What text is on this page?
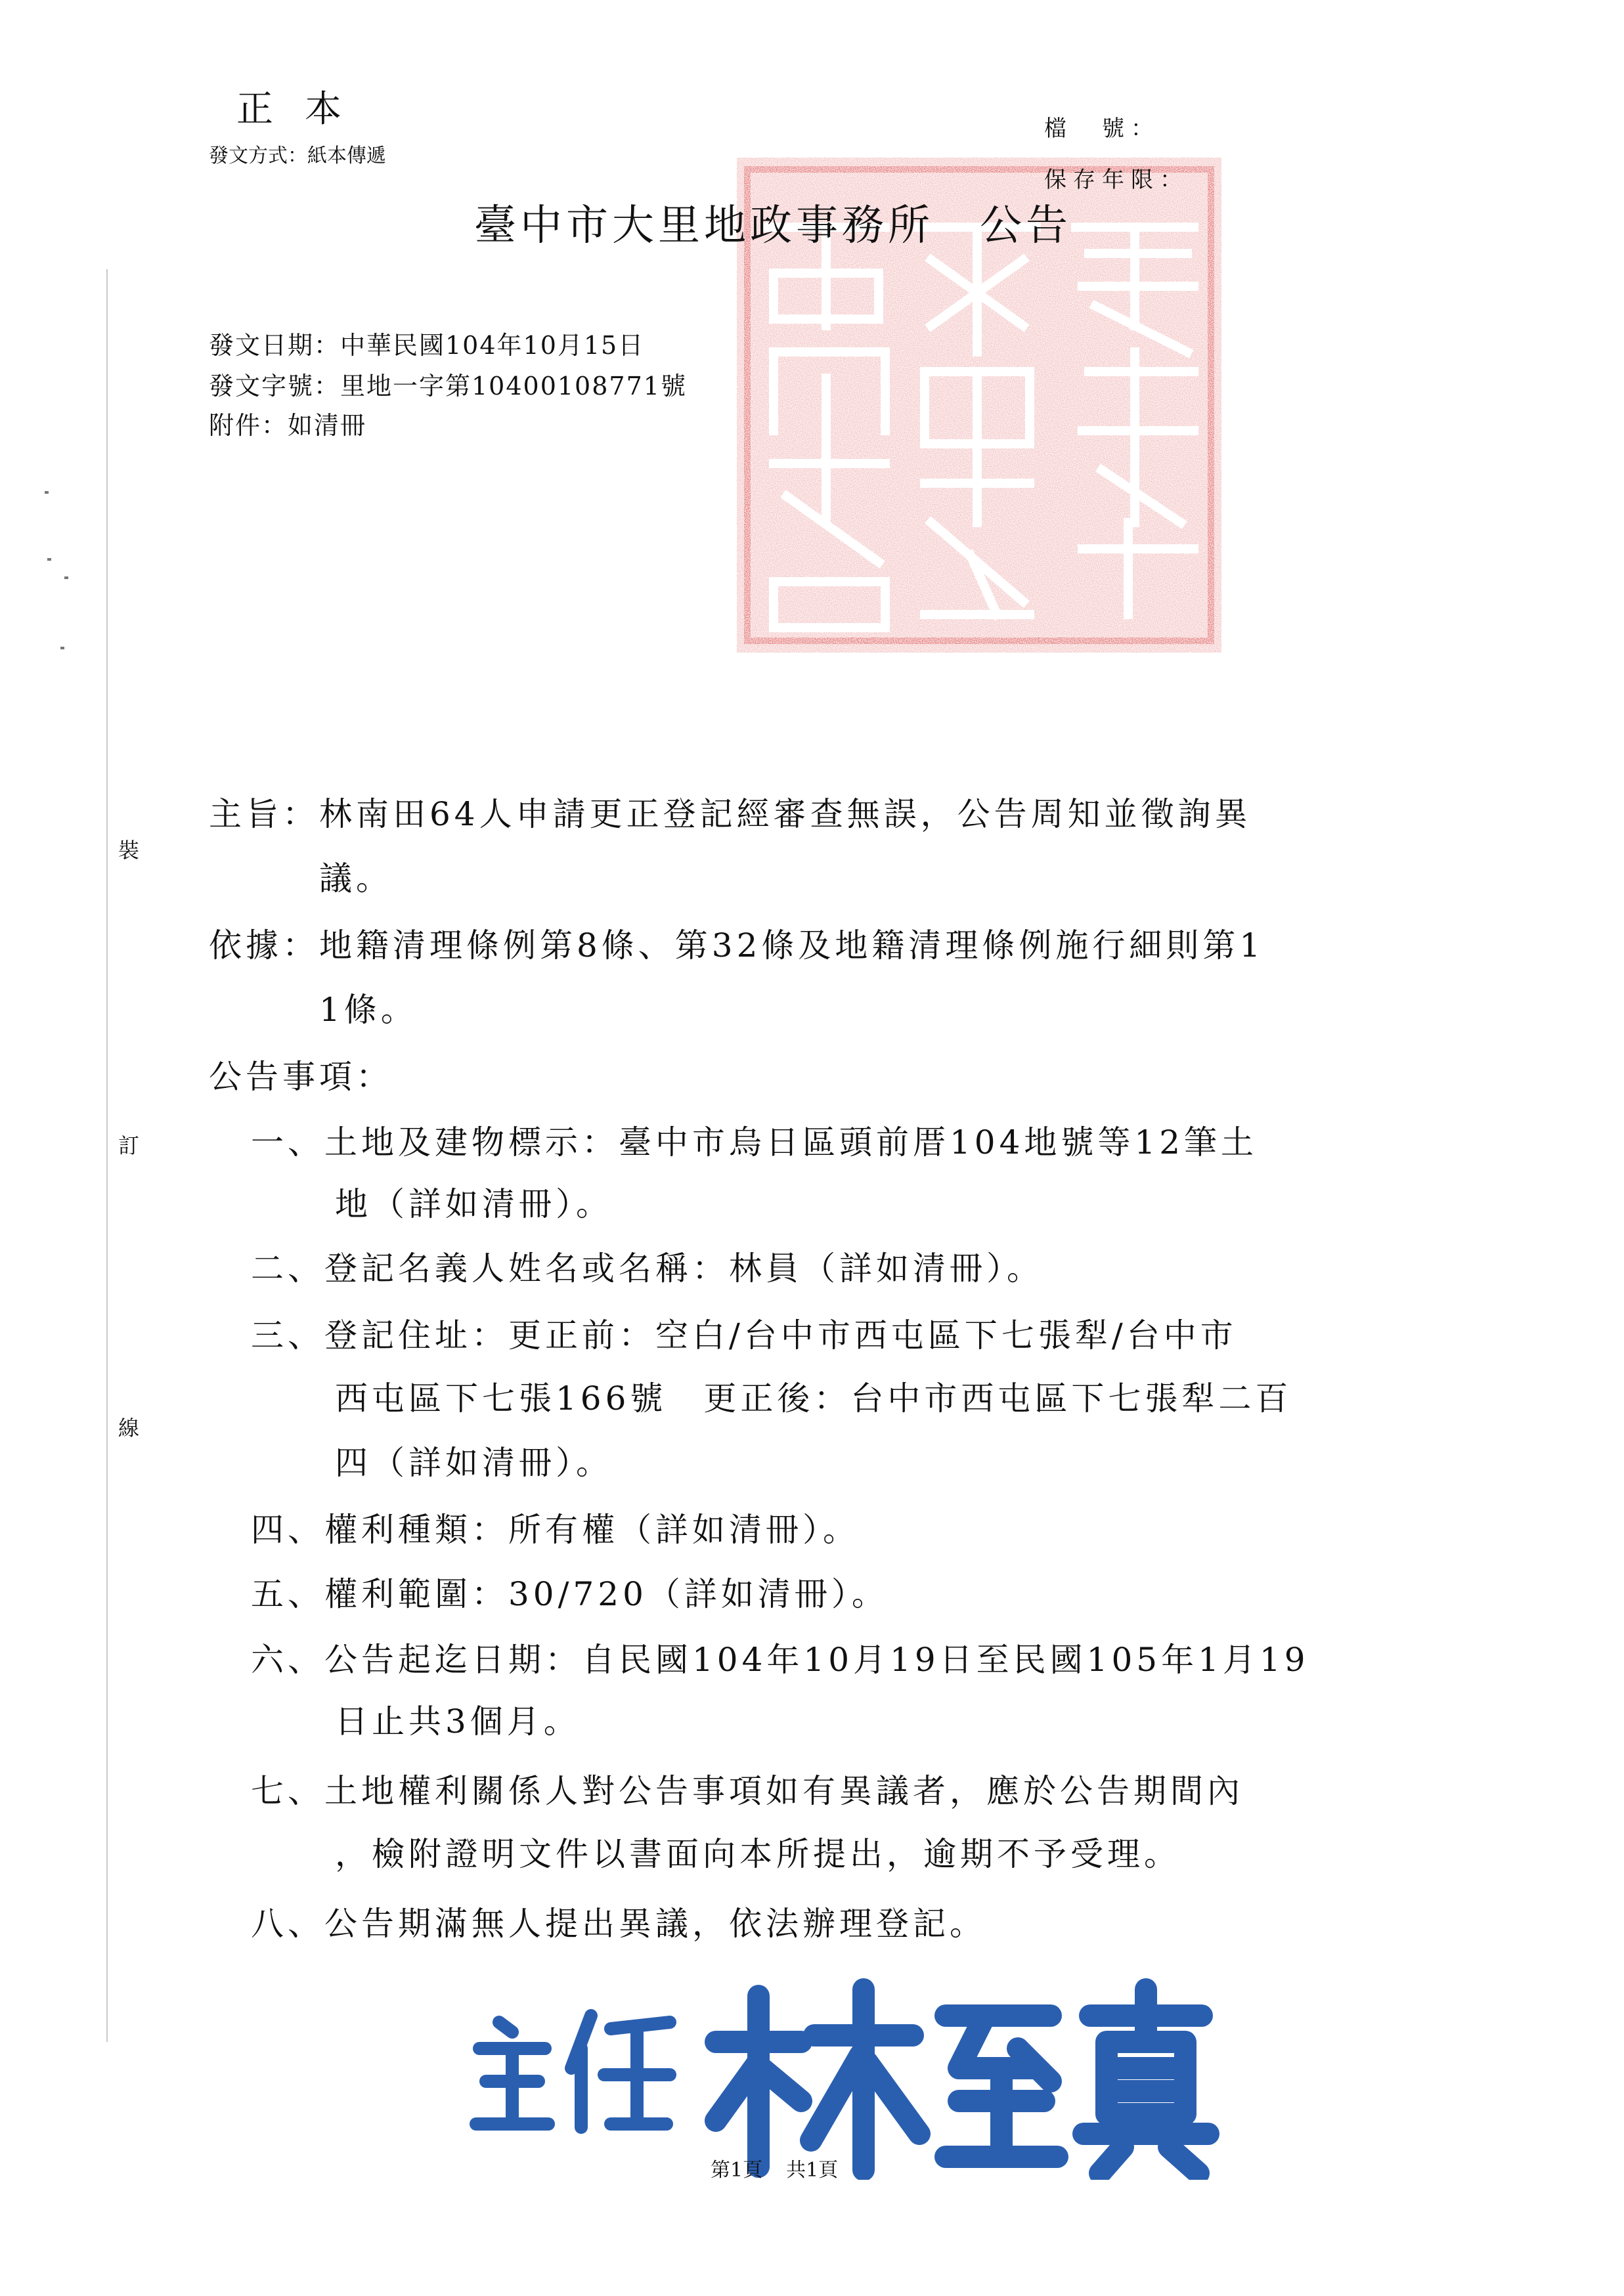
裝
訂
線
正本
發文方式：紙本傳遞
檔　號：
保存年限：
臺中市大里地政事務所　公告
發文日期：中華民國104年10月15日
發文字號：里地一字第10400108771號
附件：如清冊
主旨：林南田64人申請更正登記經審查無誤，公告周知並徵詢異
　　　議。
依據：地籍清理條例第8條、第32條及地籍清理條例施行細則第1
　　　1條。
公告事項：
一、土地及建物標示：臺中市烏日區頭前厝104地號等12筆土
地（詳如清冊）。
二、登記名義人姓名或名稱：林員（詳如清冊）。
三、登記住址：更正前：空白/台中市西屯區下七張犁/台中市
西屯區下七張166號　更正後：台中市西屯區下七張犁二百
四（詳如清冊）。
四、權利種類：所有權（詳如清冊）。
五、權利範圍：30/720（詳如清冊）。
六、公告起迄日期：自民國104年10月19日至民國105年1月19
日止共3個月。
七、土地權利關係人對公告事項如有異議者，應於公告期間內
，檢附證明文件以書面向本所提出，逾期不予受理。
八、公告期滿無人提出異議，依法辦理登記。
第1頁 共1頁
